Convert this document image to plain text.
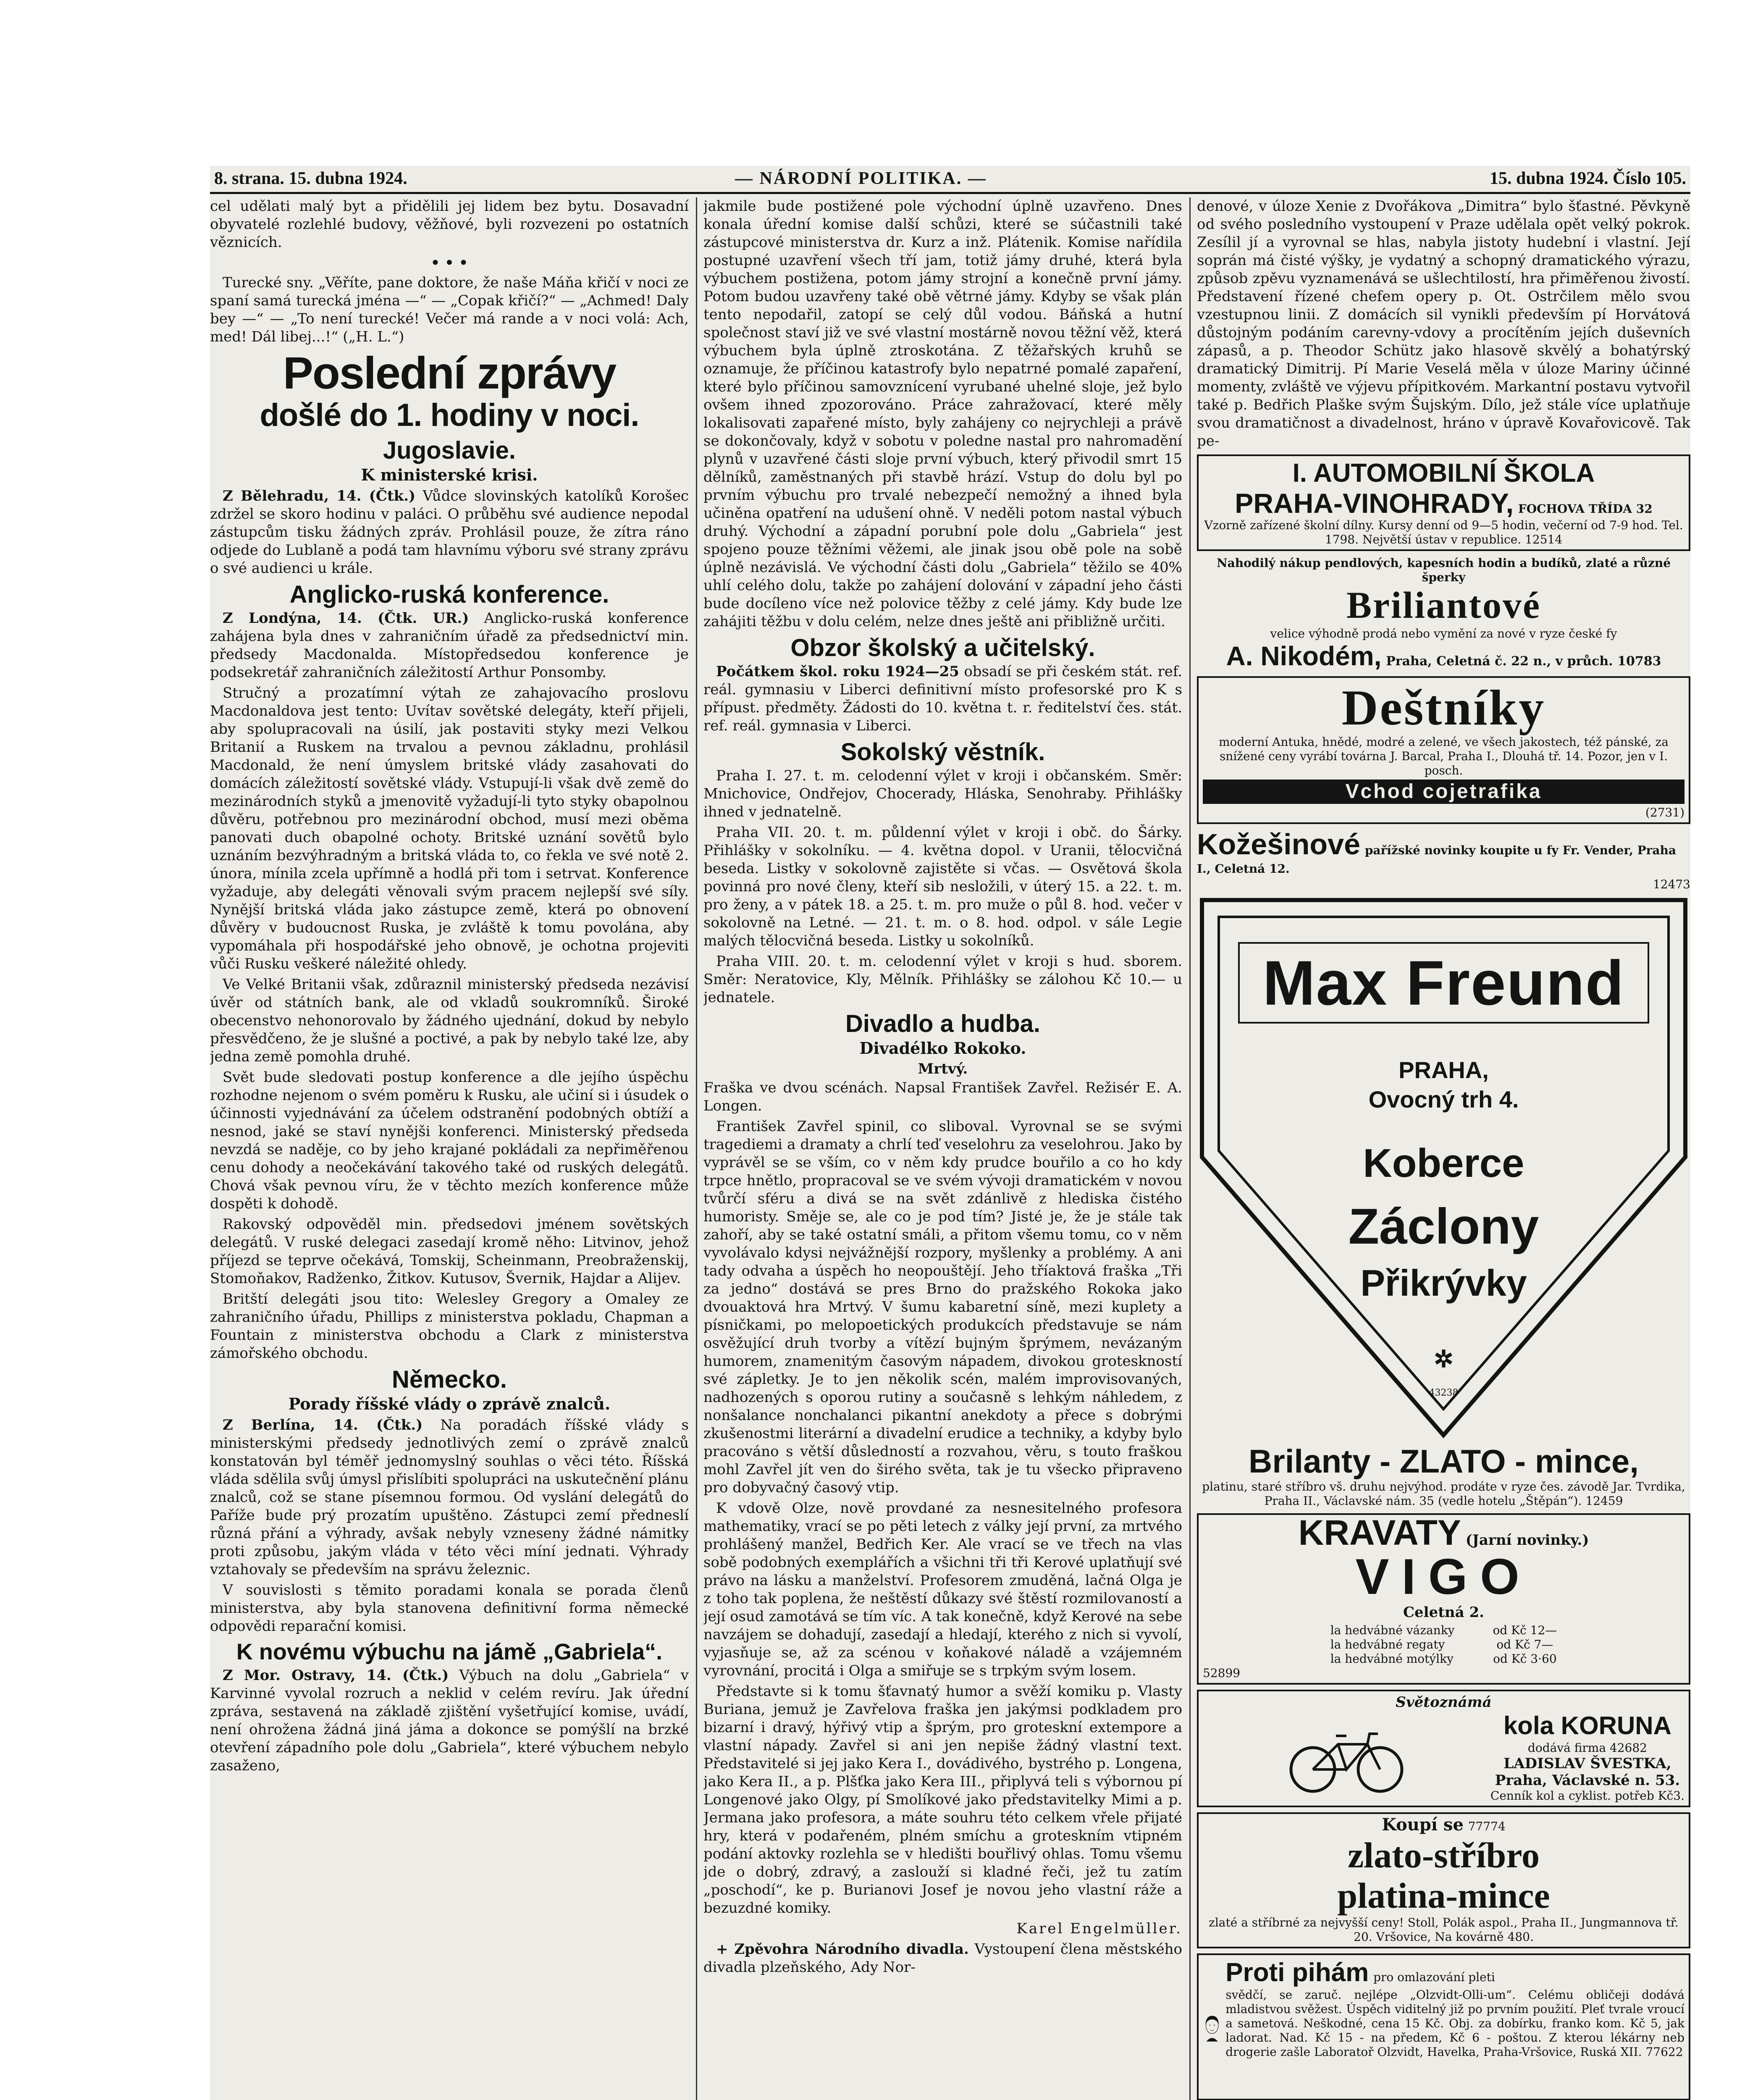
8. strana. 15. dubna 1924.	— NÁRODNÍ POLITIKA. —	15. dubna 1924. Číslo 105.

cel udělati malý byt a přidělili jej lidem bez bytu. Dosavadní obyvatelé rozlehlé budovy, věžňové, byli rozvezeni po ostatních věznicích.

• • •

Turecké sny. „Věříte, pane doktore, že naše Máňa křičí v noci ze spaní samá turecká jména —“ — „Copak křičí?“ — „Achmed! Daly bey —“ — „To není turecké! Večer má rande a v noci volá: Ach, med! Dál libej...!“ („H. L.“)

Poslední zprávy
došlé do 1. hodiny v noci.
Jugoslavie.
K ministerské krisi.

Z Bělehradu, 14. (Čtk.) Vůdce slovinských katolíků Korošec zdržel se skoro hodinu v paláci. O průběhu své audience nepodal zástupcům tisku žádných zpráv. Prohlásil pouze, že zítra ráno odjede do Lublaně a podá tam hlavnímu výboru své strany zprávu o své audienci u krále.

Anglicko-ruská konference.

Z Londýna, 14. (Čtk. UR.) Anglicko-ruská konference zahájena byla dnes v zahraničním úřadě za předsednictví min. předsedy Macdonalda. Místopředsedou konference je podsekretář zahraničních záležitostí Arthur Ponsomby.

Stručný a prozatímní výtah ze zahajovacího proslovu Macdonaldova jest tento: Uvítav sovětské delegáty, kteří přijeli, aby spolupracovali na úsilí, jak postaviti styky mezi Velkou Britanií a Ruskem na trvalou a pevnou základnu, prohlásil Macdonald, že není úmyslem britské vlády zasahovati do domácích záležitostí sovětské vlády. Vstupují-li však dvě země do mezinárodních styků a jmenovitě vyžadují-li tyto styky obapolnou důvěru, potřebnou pro mezinárodní obchod, musí mezi oběma panovati duch obapolné ochoty. Britské uznání sovětů bylo uznáním bezvýhradným a britská vláda to, co řekla ve své notě 2. února, mínila zcela upřímně a hodlá při tom i setrvat. Konference vyžaduje, aby delegáti věnovali svým pracem nejlepší své síly. Nynější britská vláda jako zástupce země, která po obnovení důvěry v budoucnost Ruska, je zvláště k tomu povolána, aby vypomáhala při hospodářské jeho obnově, je ochotna projeviti vůči Rusku veškeré náležité ohledy.

Ve Velké Britanii však, zdůraznil ministerský předseda nezávisí úvěr od státních bank, ale od vkladů soukromníků. Široké obecenstvo nehonorovalo by žádného ujednání, dokud by nebylo přesvědčeno, že je slušné a poctivé, a pak by nebylo také lze, aby jedna země pomohla druhé.

Svět bude sledovati postup konference a dle jejího úspěchu rozhodne nejenom o svém poměru k Rusku, ale učiní si i úsudek o účinnosti vyjednávání za účelem odstranění podobných obtíží a nesnod, jaké se staví nynějši konferenci. Ministerský předseda nevzdá se naděje, co by jeho krajané pokládali za nepřiměřenou cenu dohody a neočekávání takového také od ruských delegátů. Chová však pevnou víru, že v těchto mezích konference může dospěti k dohodě.

Rakovský odpověděl min. předsedovi jménem sovětských delegátů. V ruské delegaci zasedají kromě něho: Litvinov, jehož příjezd se teprve očekává, Tomskij, Scheinmann, Preobraženskij, Stomoňakov, Radženko, Žitkov. Kutusov, Švernik, Hajdar a Alijev.

Britští delegáti jsou tito: Welesley Gregory a Omaley ze zahraničního úřadu, Phillips z ministerstva pokladu, Chapman a Fountain z ministerstva obchodu a Clark z ministerstva zámořského obchodu.

Německo.
Porady říšské vlády o zprávě znalců.

Z Berlína, 14. (Čtk.) Na poradách říšské vlády s ministerskými předsedy jednotlivých zemí o zprávě znalců konstatován byl téměř jednomyslný souhlas o věci této. Říšská vláda sdělila svůj úmysl přislíbiti spolupráci na uskutečnění plánu znalců, což se stane písemnou formou. Od vyslání delegátů do Paříže bude prý prozatím upuštěno. Zástupci zemí předneslí různá přání a výhrady, avšak nebyly vzneseny žádné námitky proti způsobu, jakým vláda v této věci míní jednati. Výhrady vztahovaly se především na správu železnic.

V souvislosti s těmito poradami konala se porada členů ministerstva, aby byla stanovena definitivní forma německé odpovědi reparační komisi.

K novému výbuchu na jámě „Gabriela“.

Z Mor. Ostravy, 14. (Čtk.) Výbuch na dolu „Gabriela“ v Karvinné vyvolal rozruch a neklid v celém revíru. Jak úřední zpráva, sestavená na základě zjištění vyšetřující komise, uvádí, není ohrožena žádná jiná jáma a dokonce se pomýšlí na brzké otevření západního pole dolu „Gabriela“, které výbuchem nebylo zasaženo,

jakmile bude postižené pole východní úplně uzavřeno. Dnes konala úřední komise další schůzi, které se súčastnili také zástupcové ministerstva dr. Kurz a inž. Plátenik. Komise nařídila postupné uzavření všech tří jam, totiž jámy druhé, která byla výbuchem postižena, potom jámy strojní a konečně první jámy. Potom budou uzavřeny také obě větrné jámy. Kdyby se však plán tento nepodařil, zatopí se celý důl vodou. Báňská a hutní společnost staví již ve své vlastní mostárně novou těžní věž, která výbuchem byla úplně ztroskotána. Z těžařských kruhů se oznamuje, že příčinou katastrofy bylo nepatrné pomalé zapaření, které bylo příčinou samovznícení vyrubané uhelné sloje, jež bylo ovšem ihned zpozorováno. Práce zahražovací, které měly lokalisovati zapařené místo, byly zahájeny co nejrychleji a právě se dokončovaly, když v sobotu v poledne nastal pro nahromadění plynů v uzavřené části sloje první výbuch, který přivodil smrt 15 dělníků, zaměstnaných při stavbě hrází. Vstup do dolu byl po prvním výbuchu pro trvalé nebezpečí nemožný a ihned byla učiněna opatření na udušení ohně. V neděli potom nastal výbuch druhý. Východní a západní porubní pole dolu „Gabriela“ jest spojeno pouze těžními věžemi, ale jinak jsou obě pole na sobě úplně nezávislá. Ve východní části dolu „Gabriela“ těžilo se 40% uhlí celého dolu, takže po zahájení dolování v západní jeho části bude docíleno více než polovice těžby z celé jámy. Kdy bude lze zahájiti těžbu v dolu celém, nelze dnes ještě ani přibližně určiti.

Obzor školský a učitelský.

Počátkem škol. roku 1924—25 obsadí se při českém stát. ref. reál. gymnasiu v Liberci definitivní místo profesorské pro K s přípust. předměty. Žádosti do 10. května t. r. ředitelství čes. stát. ref. reál. gymnasia v Liberci.

Sokolský věstník.

Praha I. 27. t. m. celodenní výlet v kroji i občanském. Směr: Mnichovice, Ondřejov, Chocerady, Hláska, Senohraby. Přihlášky ihned v jednatelně.

Praha VII. 20. t. m. půldenní výlet v kroji i obč. do Šárky. Přihlášky v sokolníku. — 4. května dopol. v Uranii, tělocvičná beseda. Listky v sokolovně zajistěte si včas. — Osvětová škola povinná pro nové členy, kteří sib nesložili, v úterý 15. a 22. t. m. pro ženy, a v pátek 18. a 25. t. m. pro muže o půl 8. hod. večer v sokolovně na Letné. — 21. t. m. o 8. hod. odpol. v sále Legie malých tělocvičná beseda. Listky u sokolníků.

Praha VIII. 20. t. m. celodenní výlet v kroji s hud. sborem. Směr: Neratovice, Kly, Mělník. Přihlášky se zálohou Kč 10.— u jednatele.

Divadlo a hudba.
Divadélko Rokoko.
Mrtvý.

Fraška ve dvou scénách. Napsal František Zavřel. Režisér E. A. Longen.

František Zavřel spinil, co sliboval. Vyrovnal se se svými tragediemi a dramaty a chrlí teď veselohru za veselohrou. Jako by vyprávěl se se vším, co v něm kdy prudce bouřilo a co ho kdy trpce hnětlo, propracoval se ve svém vývoji dramatickém v novou tvůrčí sféru a divá se na svět zdánlivě z hlediska čistého humoristy. Směje se, ale co je pod tím? Jisté je, že je stále tak zahoří, aby se také ostatní smáli, a přitom všemu tomu, co v něm vyvolávalo kdysi nejvážnější rozpory, myšlenky a problémy. A ani tady odvaha a úspěch ho neopouštějí. Jeho tříaktová fraška „Tři za jedno“ dostává se pres Brno do pražského Rokoka jako dvouaktová hra Mrtvý. V šumu kabaretní síně, mezi kuplety a písničkami, po melopoetických produkcích představuje se nám osvěžující druh tvorby a vítězí bujným šprýmem, nevázaným humorem, znamenitým časovým nápadem, divokou groteskností své zápletky. Je to jen několik scén, malém improvisovaných, nadhozených s oporou rutiny a současně s lehkým náhledem, z nonšalance nonchalanci pikantní anekdoty a přece s dobrými zkušenostmi literární a divadelní erudice a techniky, a kdyby bylo pracováno s větší důsledností a rozvahou, věru, s touto fraškou mohl Zavřel jít ven do širého světa, tak je tu všecko připraveno pro dobyvačný časový vtip.

K vdově Olze, nově provdané za nesnesitelného profesora mathematiky, vrací se po pěti letech z války její první, za mrtvého prohlášený manžel, Bedřich Ker. Ale vrací se ve třech na vlas sobě podobných exemplářích a všichni tři tři Kerové uplatňují své právo na lásku a manželství. Profesorem zmuděná, lačná Olga je z toho tak poplena, že neštěstí důkazy své štěstí rozmilovaností a její osud zamotává se tím víc. A tak konečně, když Kerové na sebe navzájem se dohadují, zasedají a hledají, kterého z nich si vyvolí, vyjasňuje se, až za scénou v koňakové náladě a vzájemném vyrovnání, procitá i Olga a smiřuje se s trpkým svým losem.

Představte si k tomu šťavnatý humor a svěží komiku p. Vlasty Buriana, jemuž je Zavřelova fraška jen jakýmsi podkladem pro bizarní i dravý, hýřivý vtip a šprým, pro groteskní extempore a vlastní nápady. Zavřel si ani jen nepiše žádný vlastní text. Představitelé si jej jako Kera I., dovádivého, bystrého p. Longena, jako Kera II., a p. Plšťka jako Kera III., připlyvá teli s výbornou pí Longenové jako Olgy, pí Smolíkové jako představitelky Mimi a p. Jermana jako profesora, a máte souhru této celkem vřele přijaté hry, která v podařeném, plném smíchu a groteskním vtipném podání aktovky rozlehla se v hledišti bouřlivý ohlas. Tomu všemu jde o dobrý, zdravý, a zaslouží si kladné řeči, jež tu zatím „poschodí“, ke p. Burianovi Josef je novou jeho vlastní ráže a bezuzdné komiky.

Karel Engelmüller.

+ Zpěvohra Národního divadla. Vystoupení člena městského divadla plzeňského, Ady Nor-

denové, v úloze Xenie z Dvořákova „Dimitra“ bylo šťastné. Pěvkyně od svého posledního vystoupení v Praze udělala opět velký pokrok. Zesílil jí a vyrovnal se hlas, nabyla jistoty hudební i vlastní. Její soprán má čisté výšky, je vydatný a schopný dramatického výrazu, způsob zpěvu vyznamenává se ušlechtilostí, hra přiměřenou živostí. Představení řízené chefem opery p. Ot. Ostrčilem mělo svou vzestupnou linii. Z domácích sil vynikli především pí Horvátová důstojným podáním carevny-vdovy a procítěním jejích duševních zápasů, a p. Theodor Schütz jako hlasově skvělý a bohatýrský dramatický Dimitrij. Pí Marie Veselá měla v úloze Mariny účinné momenty, zvláště ve výjevu přípitkovém. Markantní postavu vytvořil také p. Bedřich Plaške svým Šujským. Dílo, jež stále více uplatňuje svou dramatičnost a divadelnost, hráno v úpravě Kovařovicově. Tak pe-

I. AUTOMOBILNÍ ŠKOLA
PRAHA-VINOHRADY, FOCHOVA TŘÍDA 32
Vzorně zařízené školní dílny. Kursy denní od 9—5 hodin, večerní od 7-9 hod. Tel. 1798. Největší ústav v republice. 12514
Nahodilý nákup pendlových, kapesních hodin a budíků, zlaté a různé šperky
Briliantové
velice výhodně prodá nebo vymění za nové v ryze české fy
A. Nikodém, Praha, Celetná č. 22 n., v průch. 10783
Deštníky
moderní Antuka, hnědé, modré a zelené, ve všech jakostech, též pánské, za snížené ceny vyrábí továrna J. Barcal, Praha I., Dlouhá tř. 14. Pozor, jen v I. posch.
Vchod cojetrafika
(2731)
Kožešinové pařížské novinky koupite u fy Fr. Vender, Praha I., Celetná 12.
12473
Max Freund
PRAHA,
Ovocný trh 4.
Koberce
Záclony
Přikrývky
✲
43238
Brilanty - ZLATO - mince,
platinu, staré stříbro vš. druhu nejvýhod. prodáte v ryze čes. závodě Jar. Tvrdika, Praha II., Václavské nám. 35 (vedle hotelu „Štěpán“). 12459
KRAVATY (Jarní novinky.)
VIGO
Celetná 2.
la hedvábné vázanky	od Kč 12—
la hedvábné regaty	od Kč 7—
la hedvábné motýlky	od Kč 3·60
52899
Světoznámá
kola KORUNA
dodává firma 42682
LADISLAV ŠVESTKA,
Praha, Václavské n. 53.
Cenník kol a cyklist. potřeb Kč3.
Koupí se 77774
zlato-stříbro
platina-mince
zlaté a stříbrné za nejvyšší ceny! Stoll, Polák aspol., Praha II., Jungmannova tř. 20. Vršovice, Na kovárně 480.
Proti pihám pro omlazování pleti
svědčí, se zaruč. nejlépe „Olzvidt-Olli-um“. Celému obličeji dodává mladistvou svěžest. Úspěch viditelný již po prvním použití. Pleť tvrale vroucí a sametová. Neškodné, cena 15 Kč. Obj. za dobírku, franko kom. Kč 5, jak ladorat. Nad. Kč 15 - na předem, Kč 6 - poštou. Z kterou lékárny neb drogerie zašle Laboratoř Olzvidt, Havelka, Praha-Vršovice, Ruská XII. 77622
